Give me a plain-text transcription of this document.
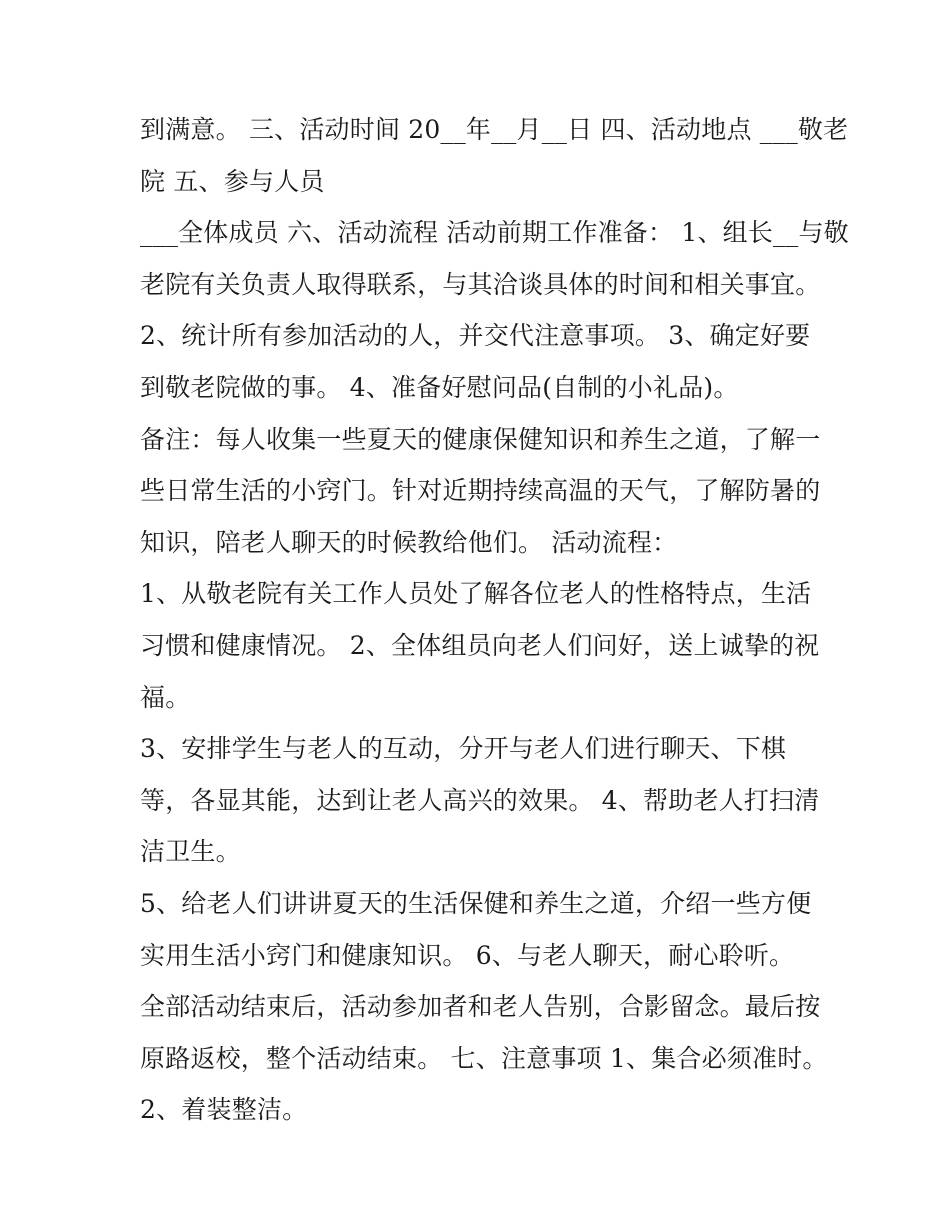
到满意。 三、活动时间 20__年__月__日 四、活动地点 ___敬老
院 五、参与人员
___全体成员 六、活动流程 活动前期工作准备： 1、组长__与敬
老院有关负责人取得联系，与其洽谈具体的时间和相关事宜。
2、统计所有参加活动的人，并交代注意事项。 3、确定好要
到敬老院做的事。 4、准备好慰问品(自制的小礼品)。
备注：每人收集一些夏天的健康保健知识和养生之道，了解一
些日常生活的小窍门。针对近期持续高温的天气，了解防暑的
知识，陪老人聊天的时候教给他们。 活动流程：
1、从敬老院有关工作人员处了解各位老人的性格特点，生活
习惯和健康情况。 2、全体组员向老人们问好，送上诚挚的祝
福。
3、安排学生与老人的互动，分开与老人们进行聊天、下棋
等，各显其能，达到让老人高兴的效果。 4、帮助老人打扫清
洁卫生。
5、给老人们讲讲夏天的生活保健和养生之道，介绍一些方便
实用生活小窍门和健康知识。 6、与老人聊天，耐心聆听。
全部活动结束后，活动参加者和老人告别，合影留念。最后按
原路返校，整个活动结束。 七、注意事项 1、集合必须准时。
2、着装整洁。
